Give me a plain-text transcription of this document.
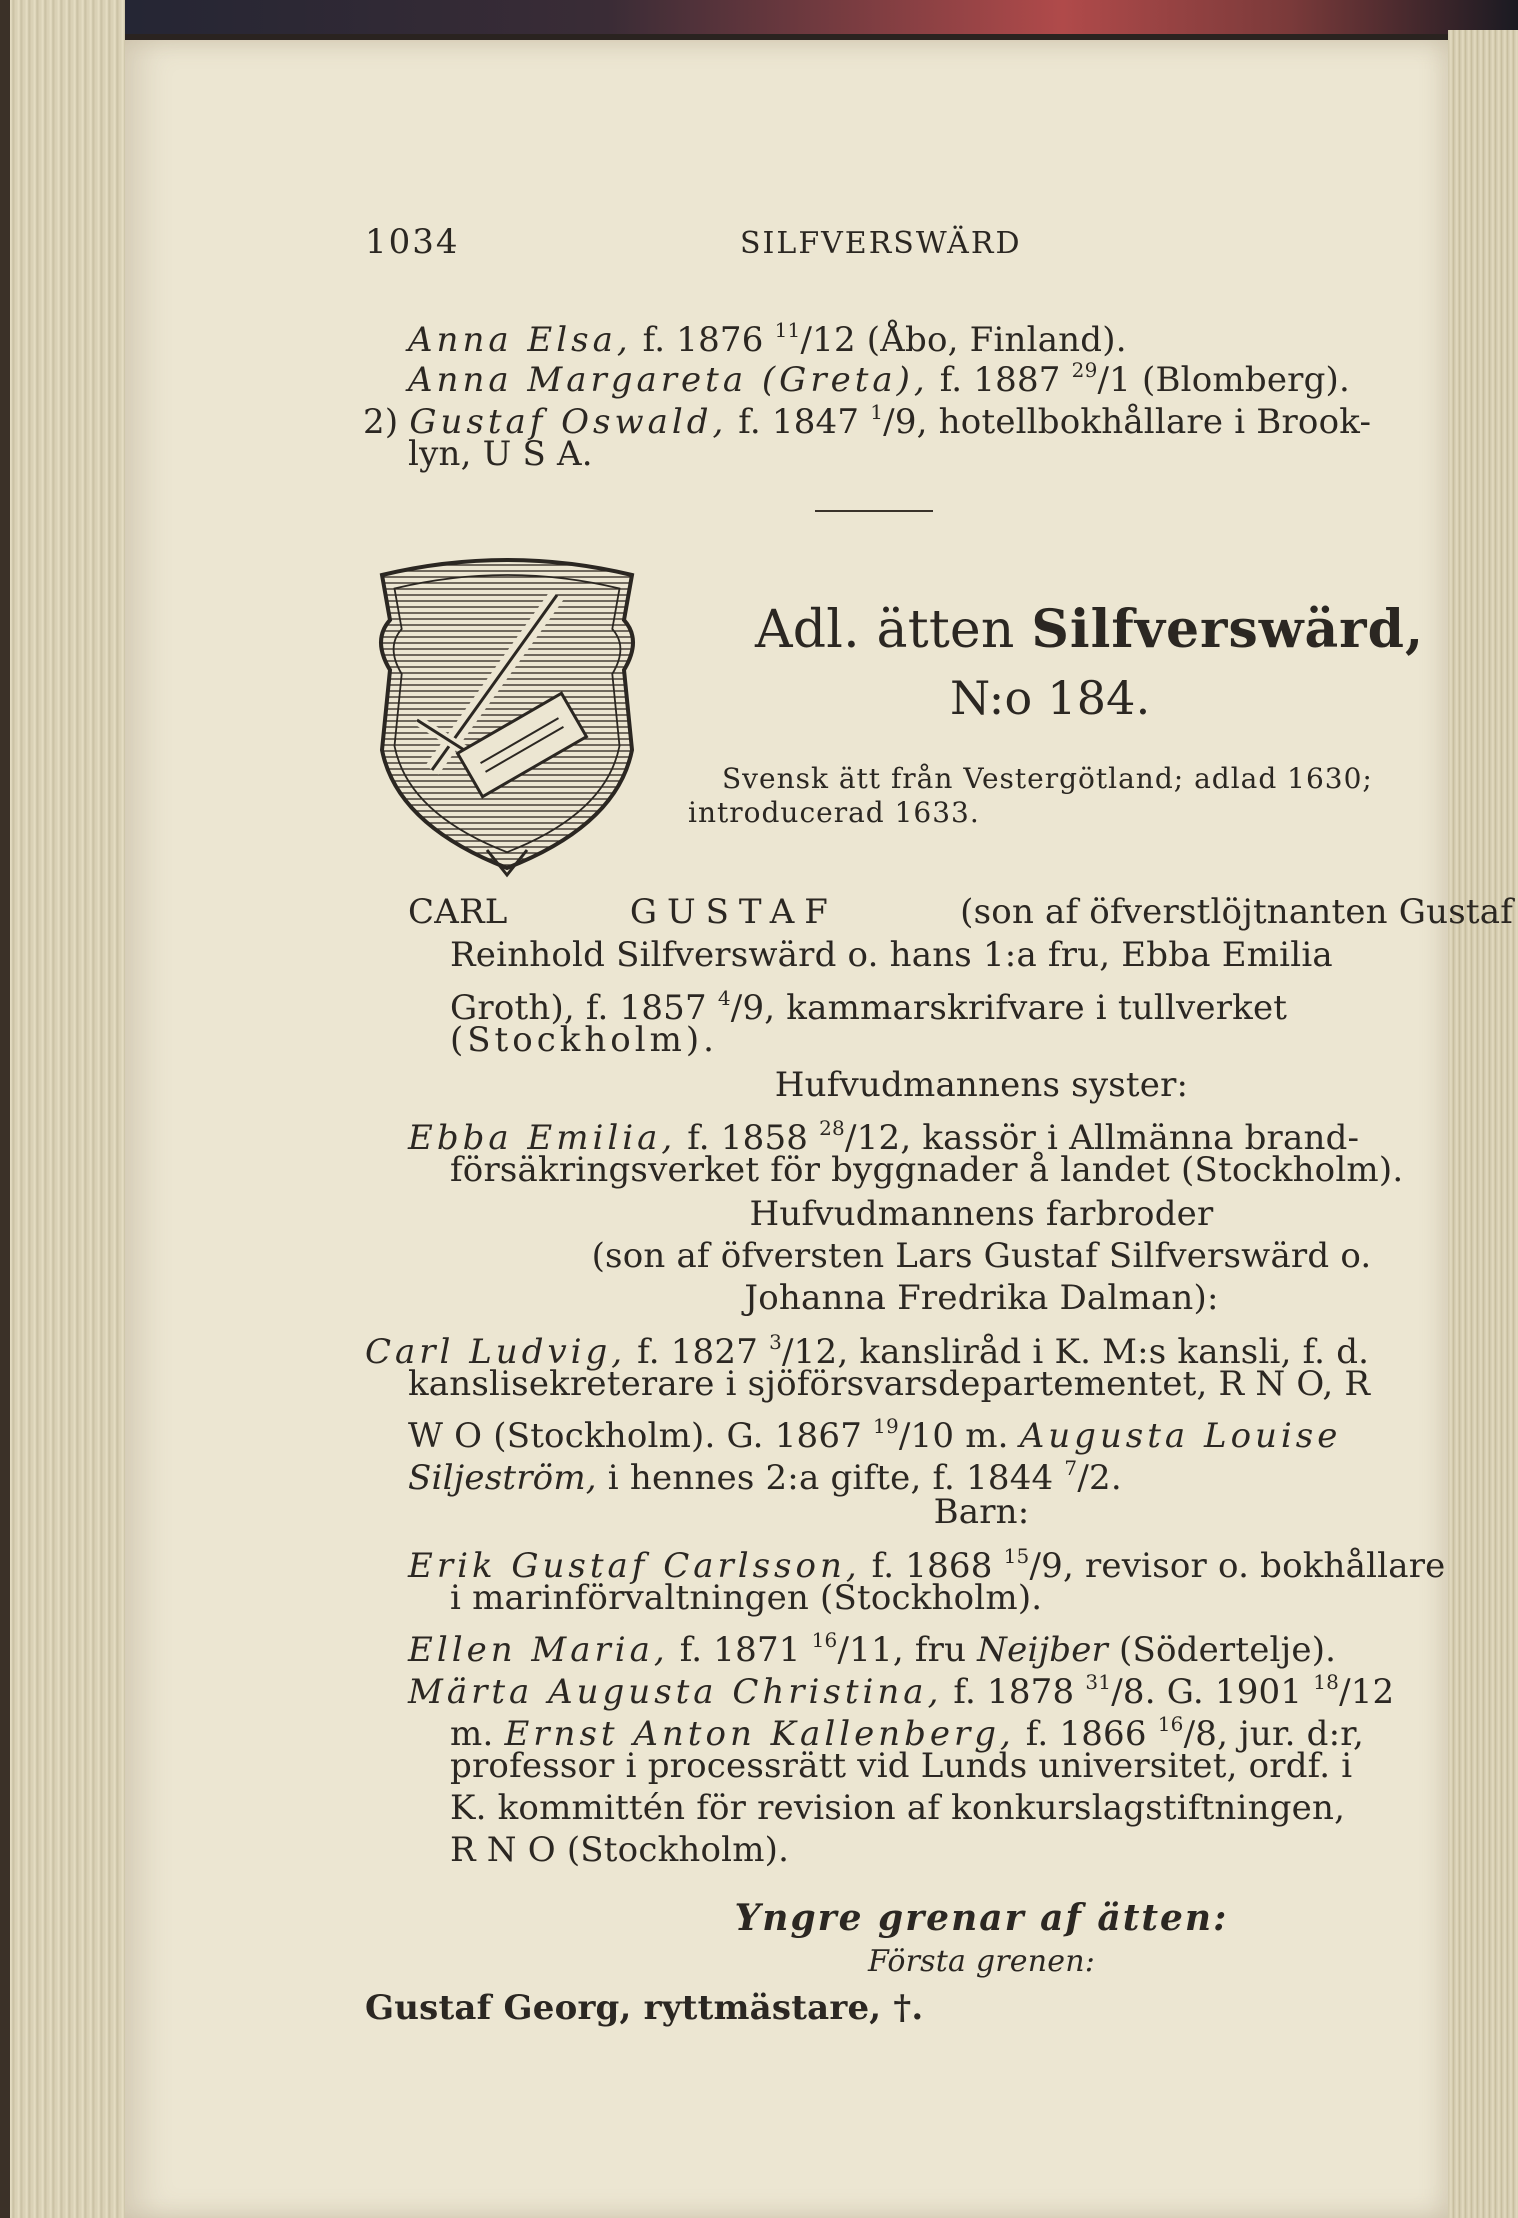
1034	SILFVERSWÄRD
Anna Elsa, f. 1876 $^{11}$/12 (Åbo, Finland).
Anna Margareta (Greta), f. 1887 $^{29}$/1 (Blomberg).
2) Gustaf Oswald, f. 1847 $^1$/9, hotellbokhållare i Brook-
lyn, U S A.
Adl. ätten Silfverswärd,
N:o 184.
Svensk ätt från Vestergötland; adlad 1630;
introducerad 1633.
CARL	GUSTAF	(son af öfverstlöjtnanten Gustaf
Reinhold Silfverswärd o. hans 1:a fru, Ebba Emilia
Groth), f. 1857 $^4$/9, kammarskrifvare i tullverket
(Stockholm).
Hufvudmannens syster:
Ebba Emilia, f. 1858 $^{28}$/12, kassör i Allmänna brand-
försäkringsverket för byggnader å landet (Stockholm).
Hufvudmannens farbroder
(son af öfversten Lars Gustaf Silfverswärd o.
Johanna Fredrika Dalman):
Carl Ludvig, f. 1827 $^3$/12, kansliråd i K. M:s kansli, f. d.
kanslisekreterare i sjöförsvarsdepartementet, R N O, R
W O (Stockholm). G. 1867 $^{19}$/10 m. Augusta Louise
Siljeström, i hennes 2:a gifte, f. 1844 $^7$/2.
Barn:
Erik Gustaf Carlsson, f. 1868 $^{15}$/9, revisor o. bokhållare
i marinförvaltningen (Stockholm).
Ellen Maria, f. 1871 $^{16}$/11, fru Neijber (Södertelje).
Märta Augusta Christina, f. 1878 $^{31}$/8. G. 1901 $^{18}$/12
m. Ernst Anton Kallenberg, f. 1866 $^{16}$/8, jur. d:r,
professor i processrätt vid Lunds universitet, ordf. i
K. kommittén för revision af konkurslagstiftningen,
R N O (Stockholm).
Yngre grenar af ätten:
Första grenen:
Gustaf Georg, ryttmästare, †.
